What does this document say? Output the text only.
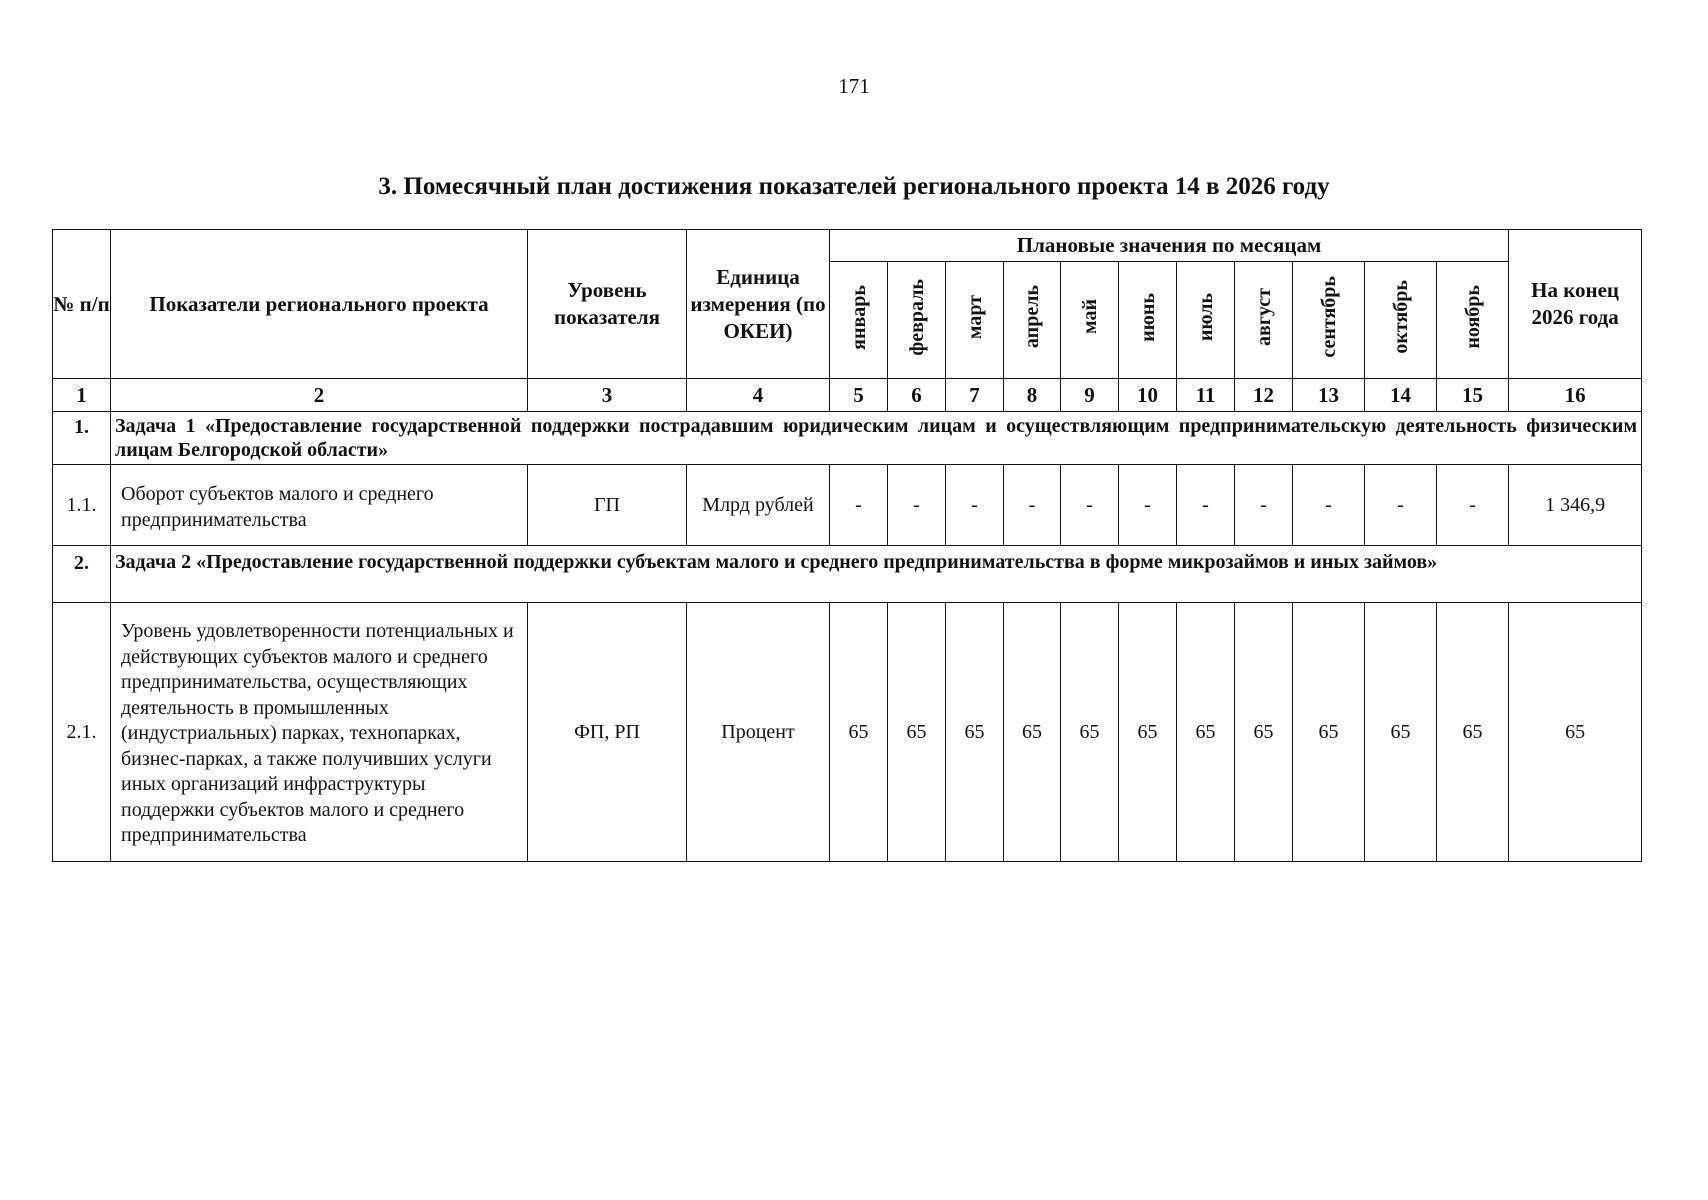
171
3. Помесячный план достижения показателей регионального проекта 14 в 2026 году
№ п/п	Показатели регионального проекта	Уровень показателя	Единица измерения (по ОКЕИ)	Плановые значения по месяцам											На конец 2026 года
				январь	февраль	март	апрель	май	июнь	июль	август	сентябрь	октябрь	ноябрь	
1	2	3	4	5	6	7	8	9	10	11	12	13	14	15	16
1.	Задача 1 «Предоставление государственной поддержки пострадавшим юридическим лицам и осуществляющим предпринимательскую деятельность физическим лицам Белгородской области»														
1.1.	Оборот субъектов малого и среднего предпринимательства	ГП	Млрд рублей	-	-	-	-	-	-	-	-	-	-	-	1 346,9
2.	Задача 2 «Предоставление государственной поддержки субъектам малого и среднего предпринимательства в форме микрозаймов и иных займов»														
2.1.	Уровень удовлетворенности потенциальных и действующих субъектов малого и среднего предпринимательства, осуществляющих деятельность в промышленных (индустриальных) парках, технопарках, бизнес-парках, а также получивших услуги иных организаций инфраструктуры поддержки субъектов малого и среднего предпринимательства	ФП, РП	Процент	65	65	65	65	65	65	65	65	65	65	65	65
